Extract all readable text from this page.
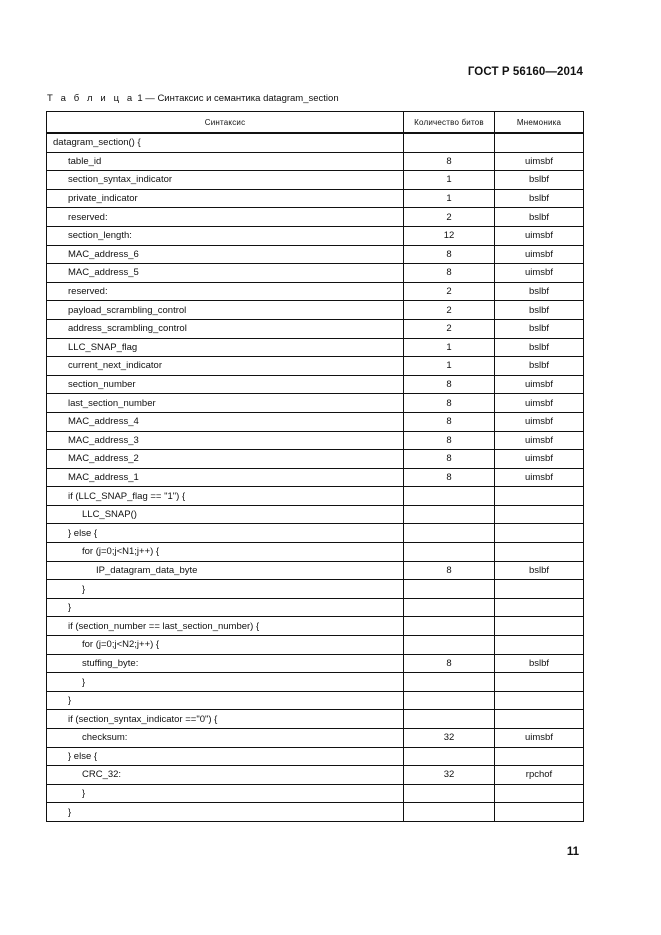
ГОСТ Р 56160—2014
Т а б л и ц а 1 — Синтаксис и семантика datagram_section
Синтаксис	Количество битов	Мнемоника
datagram_section() {		
table_id	8	uimsbf
section_syntax_indicator	1	bslbf
private_indicator	1	bslbf
reserved:	2	bslbf
section_length:	12	uimsbf
MAC_address_6	8	uimsbf
MAC_address_5	8	uimsbf
reserved:	2	bslbf
payload_scrambling_control	2	bslbf
address_scrambling_control	2	bslbf
LLC_SNAP_flag	1	bslbf
current_next_indicator	1	bslbf
section_number	8	uimsbf
last_section_number	8	uimsbf
MAC_address_4	8	uimsbf
MAC_address_3	8	uimsbf
MAC_address_2	8	uimsbf
MAC_address_1	8	uimsbf
if (LLC_SNAP_flag == "1") {		
LLC_SNAP()		
} else {		
for (j=0;j<N1;j++) {		
IP_datagram_data_byte	8	bslbf
}		
}		
if (section_number == last_section_number) {		
for (j=0;j<N2;j++) {		
stuffing_byte:	8	bslbf
}		
}		
if (section_syntax_indicator =="0") {		
checksum:	32	uimsbf
} else {		
CRC_32:	32	rpchof
}		
}		
11
